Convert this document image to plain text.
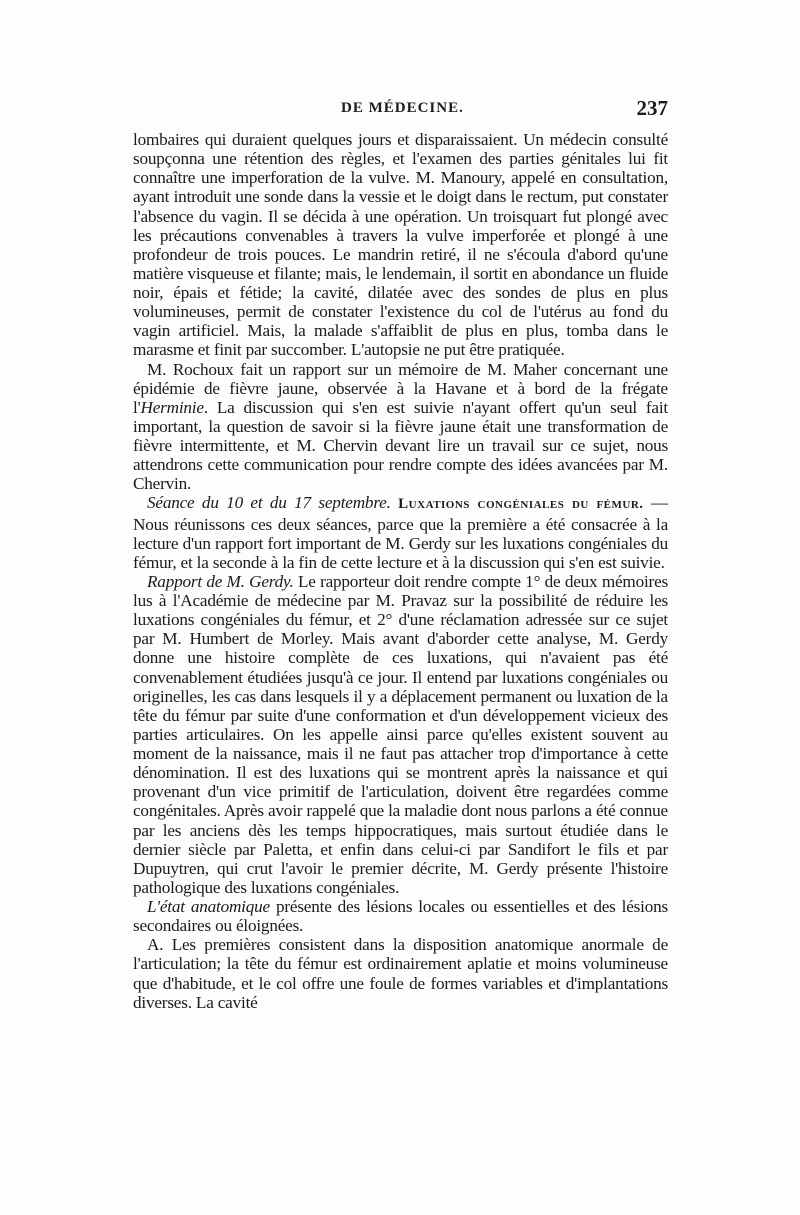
DE MÉDECINE.	237

lombaires qui duraient quelques jours et disparaissaient. Un médecin consulté soupçonna une rétention des règles, et l'examen des parties génitales lui fit connaître une imperforation de la vulve. M. Manoury, appelé en consultation, ayant introduit une sonde dans la vessie et le doigt dans le rectum, put constater l'absence du vagin. Il se décida à une opération. Un troisquart fut plongé avec les précautions convenables à travers la vulve imperforée et plongé à une profondeur de trois pouces. Le mandrin retiré, il ne s'écoula d'abord qu'une matière visqueuse et filante; mais, le lendemain, il sortit en abondance un fluide noir, épais et fétide; la cavité, dilatée avec des sondes de plus en plus volumineuses, permit de constater l'existence du col de l'utérus au fond du vagin artificiel. Mais, la malade s'affaiblit de plus en plus, tomba dans le marasme et finit par succomber. L'autopsie ne put être pratiquée.

M. Rochoux fait un rapport sur un mémoire de M. Maher concernant une épidémie de fièvre jaune, observée à la Havane et à bord de la frégate l'Herminie. La discussion qui s'en est suivie n'ayant offert qu'un seul fait important, la question de savoir si la fièvre jaune était une transformation de fièvre intermittente, et M. Chervin devant lire un travail sur ce sujet, nous attendrons cette communication pour rendre compte des idées avancées par M. Chervin.

Séance du 10 et du 17 septembre. Luxations congéniales du fémur. — Nous réunissons ces deux séances, parce que la première a été consacrée à la lecture d'un rapport fort important de M. Gerdy sur les luxations congéniales du fémur, et la seconde à la fin de cette lecture et à la discussion qui s'en est suivie.

Rapport de M. Gerdy. Le rapporteur doit rendre compte 1° de deux mémoires lus à l'Académie de médecine par M. Pravaz sur la possibilité de réduire les luxations congéniales du fémur, et 2° d'une réclamation adressée sur ce sujet par M. Humbert de Morley. Mais avant d'aborder cette analyse, M. Gerdy donne une histoire complète de ces luxations, qui n'avaient pas été convenablement étudiées jusqu'à ce jour. Il entend par luxations congéniales ou originelles, les cas dans lesquels il y a déplacement permanent ou luxation de la tête du fémur par suite d'une conformation et d'un développement vicieux des parties articulaires. On les appelle ainsi parce qu'elles existent souvent au moment de la naissance, mais il ne faut pas attacher trop d'importance à cette dénomination. Il est des luxations qui se montrent après la naissance et qui provenant d'un vice primitif de l'articulation, doivent être regardées comme congénitales. Après avoir rappelé que la maladie dont nous parlons a été connue par les anciens dès les temps hippocratiques, mais surtout étudiée dans le dernier siècle par Paletta, et enfin dans celui-ci par Sandifort le fils et par Dupuytren, qui crut l'avoir le premier décrite, M. Gerdy présente l'histoire pathologique des luxations congéniales.

L'état anatomique présente des lésions locales ou essentielles et des lésions secondaires ou éloignées.

A. Les premières consistent dans la disposition anatomique anormale de l'articulation; la tête du fémur est ordinairement aplatie et moins volumineuse que d'habitude, et le col offre une foule de formes variables et d'implantations diverses. La cavité
